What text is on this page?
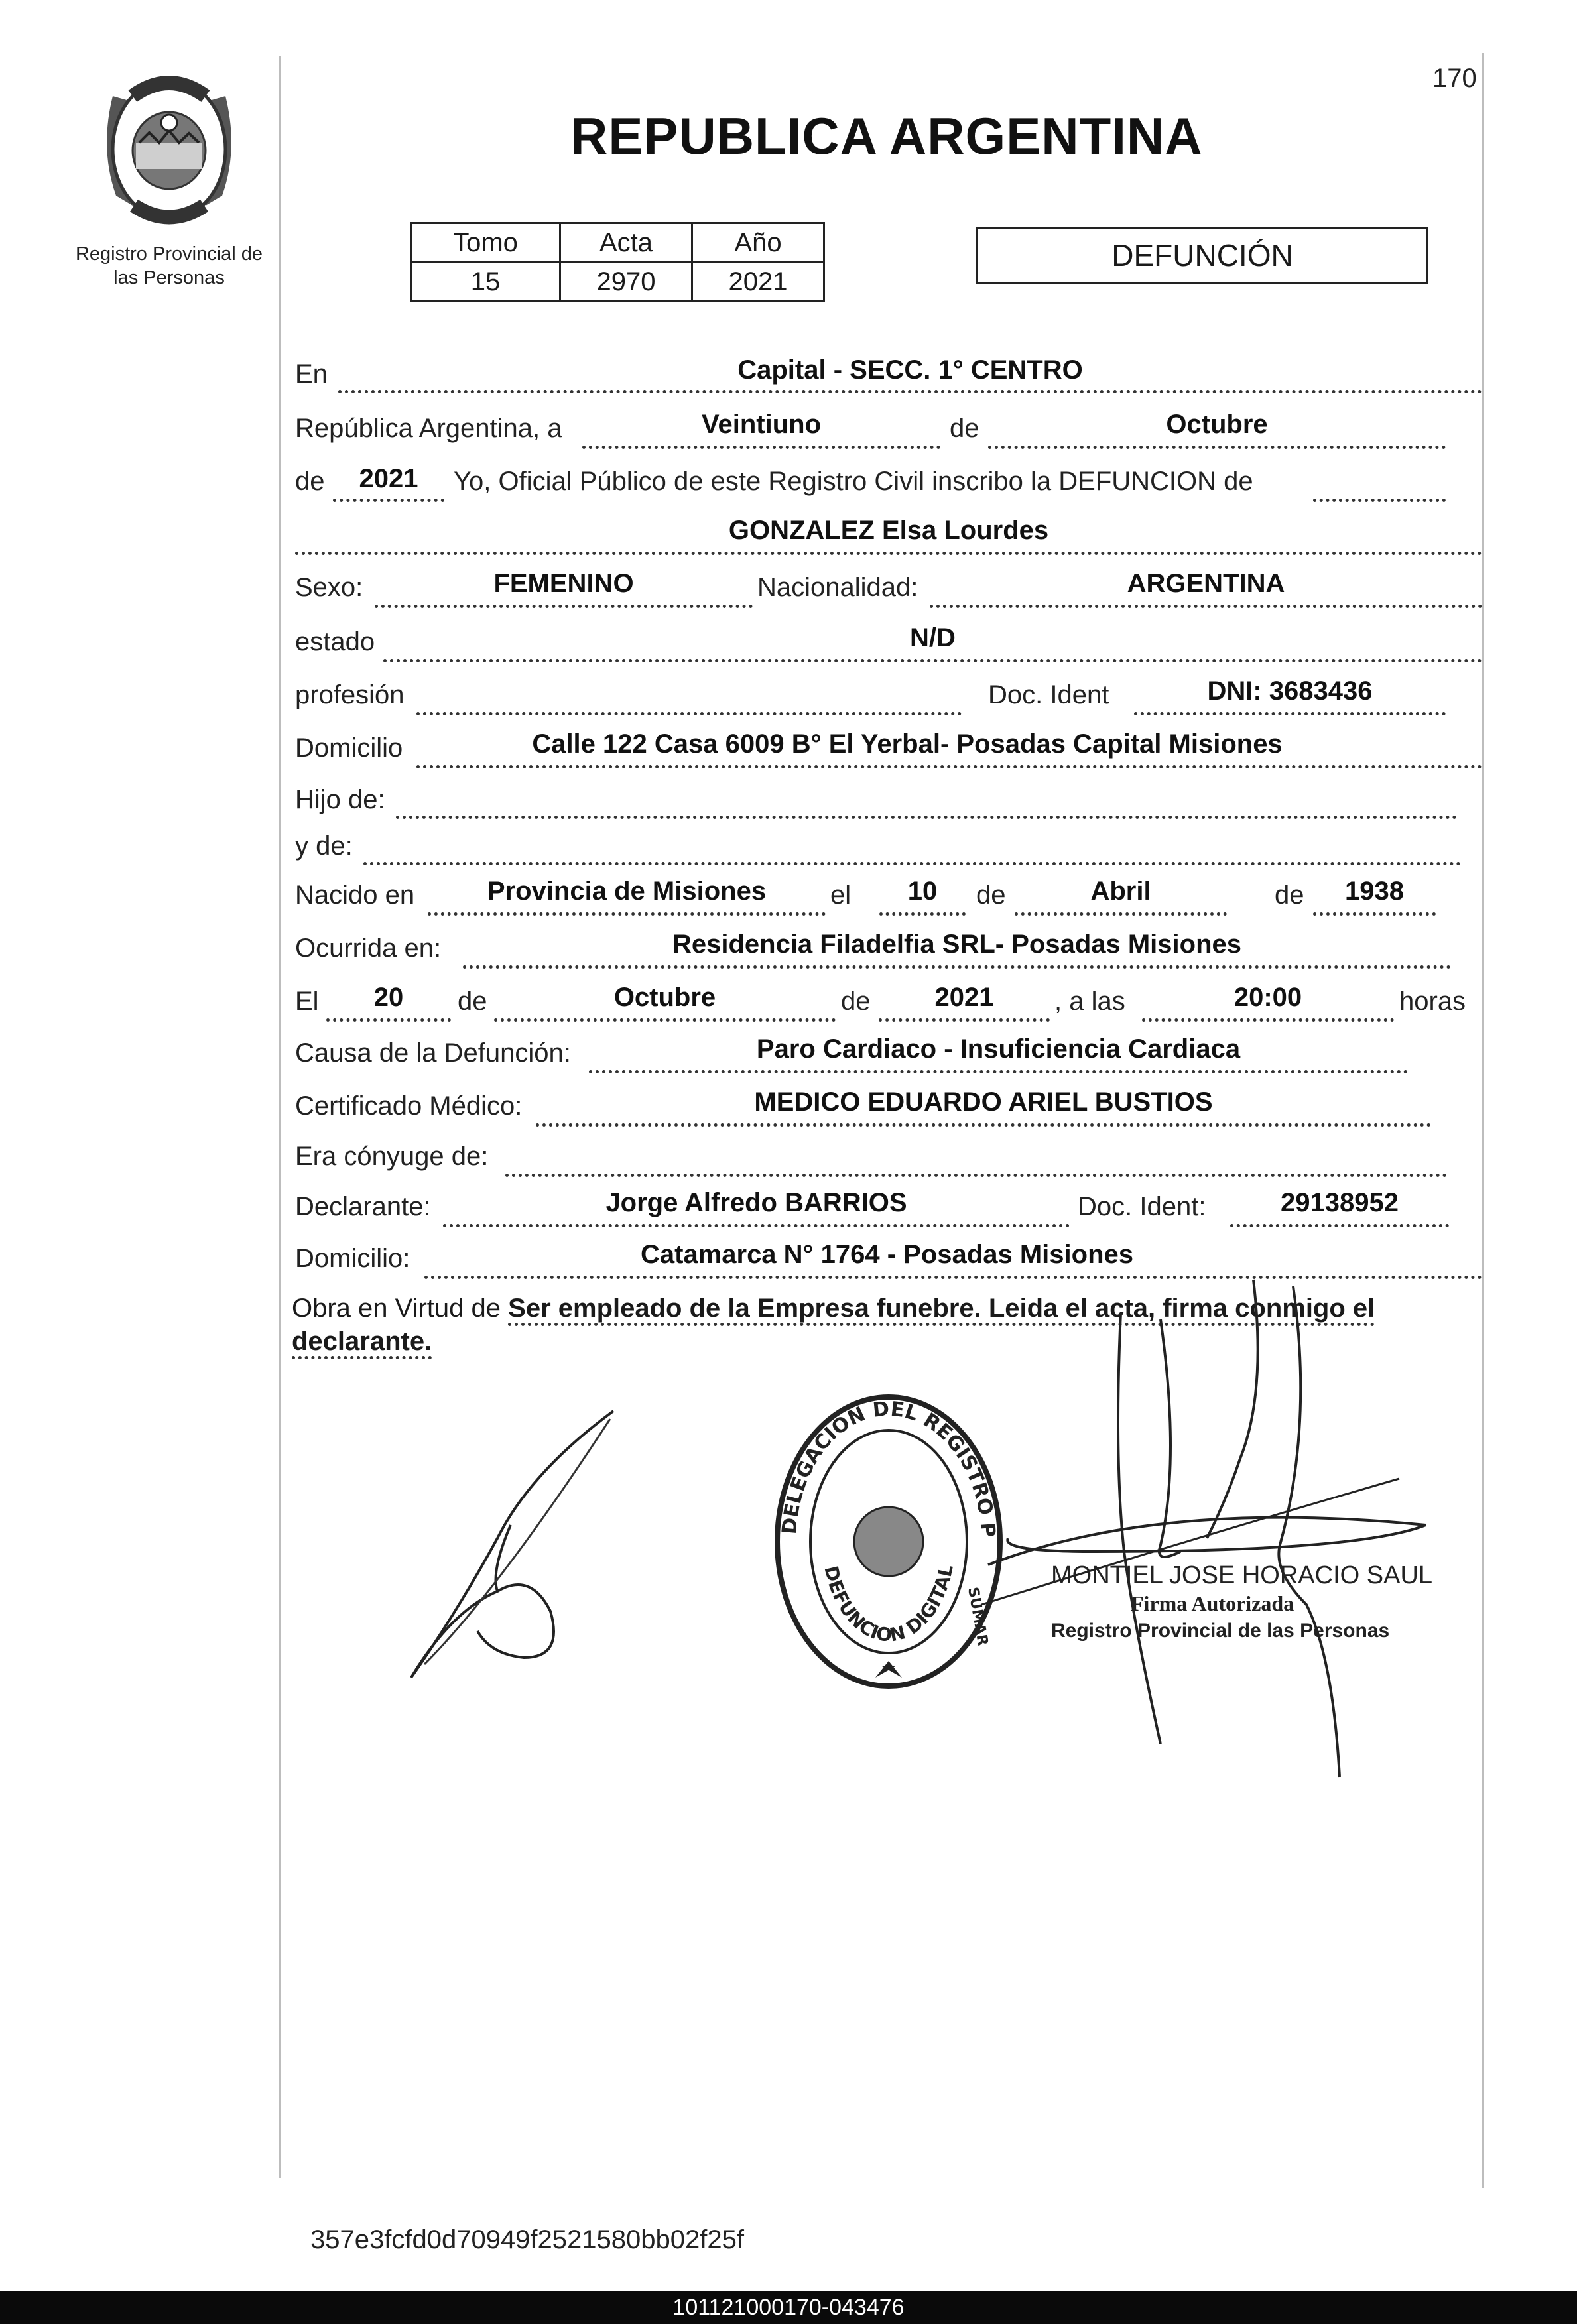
170
Registro Provincial de
las Personas
REPUBLICA ARGENTINA
Tomo	Acta	Año
15	2970	2021
DEFUNCIÓN
En	Capital - SECC. 1° CENTRO
República Argentina, a	Veintiuno	de	Octubre
de	2021	Yo, Oficial Público de este Registro Civil inscribo la DEFUNCION de
GONZALEZ Elsa Lourdes
Sexo:	FEMENINO	Nacionalidad:	ARGENTINA
estado	N/D
profesión	Doc. Ident	DNI: 3683436
Domicilio	Calle 122 Casa 6009 B° El Yerbal- Posadas Capital Misiones
Hijo de:
y de:
Nacido en	Provincia de Misiones	el	10	de	Abril	de	1938
Ocurrida en:	Residencia Filadelfia SRL- Posadas Misiones
El	20	de	Octubre	de	2021	, a las	20:00	horas
Causa de la Defunción:	Paro Cardiaco - Insuficiencia Cardiaca
Certificado Médico:	MEDICO EDUARDO ARIEL BUSTIOS
Era cónyuge de:
Declarante:	Jorge Alfredo BARRIOS	Doc. Ident:	29138952
Domicilio:	Catamarca N° 1764 - Posadas Misiones
Obra en Virtud de Ser empleado de la Empresa funebre. Leida el acta, firma conmigo el declarante.
DELEGACION DEL REGISTRO P
DEFUNCION DIGITAL
SUMAR
MONTIEL JOSE HORACIO SAUL
Firma Autorizada
Registro Provincial de las Personas
357e3fcfd0d70949f2521580bb02f25f
101121000170-043476
